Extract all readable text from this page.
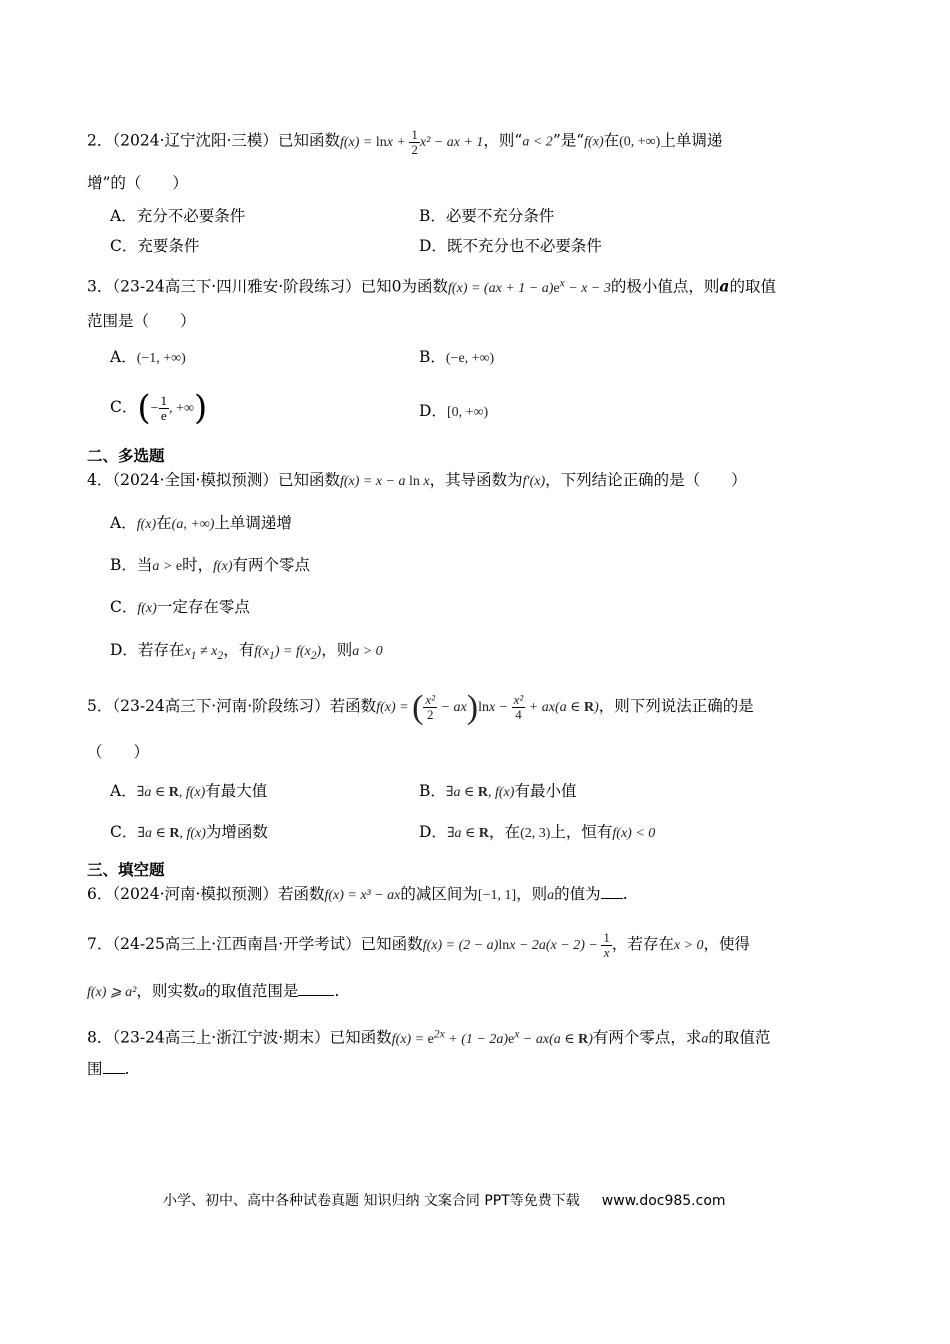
2．（2024·辽宁沈阳·三模）已知函数$f(x) = \ln x + \frac{1}{2} x^2$ − ax + 1，则“a < 2”是“f(x)在(0, +∞)上单调递
增”的（　　）
A．充分不必要条件	B．必要不充分条件
C．充要条件	D．既不充分也不必要条件
3．（23-24高三下·四川雅安·阶段练习）已知0为函数$f(x) = (ax + 1 - a)e^x - x - 3$的极小值点，则a的取值
范围是（　　）
A．(−1, +∞)	B．(−e, +∞)
C．(− $\frac{1}{e}$ , +∞)	D．[0, +∞)
二、多选题
4．（2024·全国·模拟预测）已知函数f(x) = x − a ln x，其导函数为f′(x)，下列结论正确的是（　　）
A．f(x)在(a, +∞)上单调递增
B．当a > e时，f(x)有两个零点
C．f(x)一定存在零点
D．若存在$x_1 \ne x_2$，有$f(x_1) = f(x_2)$，则a > 0
5．（23-24高三下·河南·阶段练习）若函数f(x) = ( $\frac{\text{x²}}{2} - ax)\ln x - \frac{\text{x²}}{4} + ax(a$ ∈ R)，则下列说法正确的是
（　　）
A．∃a ∈ R, f(x)有最大值	B．∃a ∈ R, f(x)有最小值
C．∃a ∈ R, f(x)为增函数	D．∃a ∈ R，在(2, 3)上，恒有f(x) < 0
三、填空题
6．（2024·河南·模拟预测）若函数f(x) = x³ − ax的减区间为[−1, 1]，则a的值为 .
7．（24-25高三上·江西南昌·开学考试）已知函数$f(x) = (2 - a)\ln x - 2a(x - 2) - \frac{1}{x}$ ，若存在x > 0，使得
f(x) ⩾ a²，则实数a的取值范围是 .
8．（23-24高三上·浙江宁波·期末）已知函数$f(x) = e^{2x} + (1 - 2a)e^x - ax(a$ ∈ R)有两个零点，求a的取值范
围 .
小学、初中、高中各种试卷真题 知识归纳 文案合同 PPT等免费下载 www.doc985.com
